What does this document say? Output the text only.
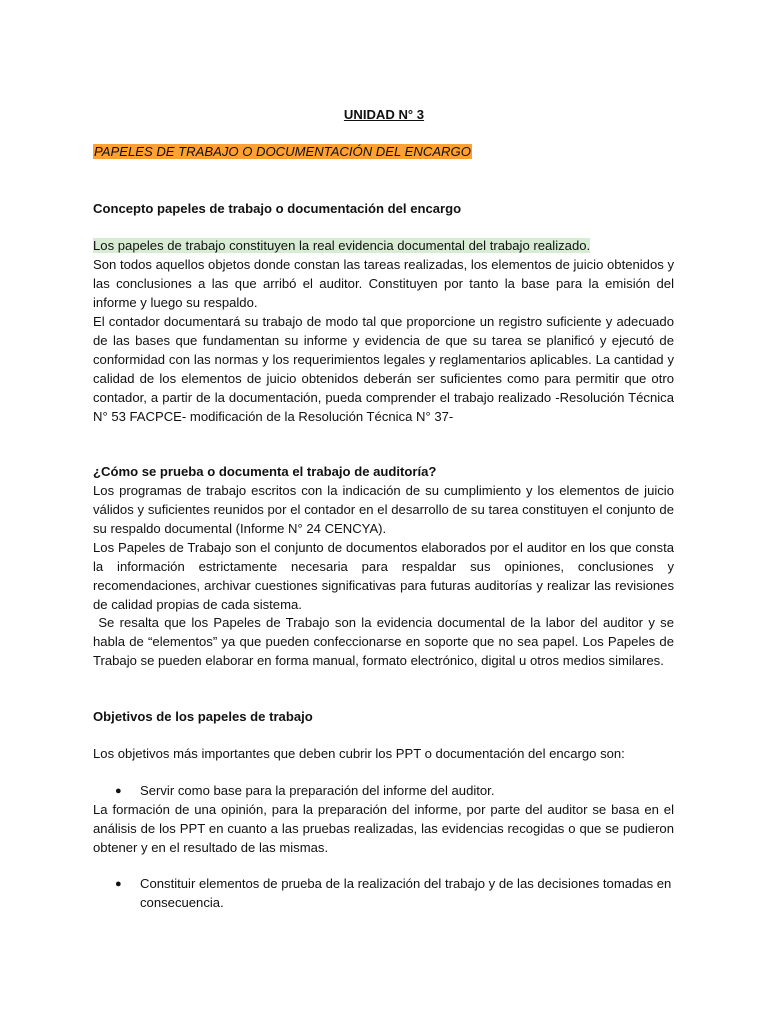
UNIDAD N° 3

PAPELES DE TRABAJO O DOCUMENTACIÓN DEL ENCARGO

Concepto papeles de trabajo o documentación del encargo

Los papeles de trabajo constituyen la real evidencia documental del trabajo realizado.

Son todos aquellos objetos donde constan las tareas realizadas, los elementos de juicio obtenidos y las conclusiones a las que arribó el auditor. Constituyen por tanto la base para la emisión del informe y luego su respaldo.

El contador documentará su trabajo de modo tal que proporcione un registro suficiente y adecuado de las bases que fundamentan su informe y evidencia de que su tarea se planificó y ejecutó de conformidad con las normas y los requerimientos legales y reglamentarios aplicables. La cantidad y calidad de los elementos de juicio obtenidos deberán ser suficientes como para permitir que otro contador, a partir de la documentación, pueda comprender el trabajo realizado -Resolución Técnica N° 53 FACPCE- modificación de la Resolución Técnica N° 37-

¿Cómo se prueba o documenta el trabajo de auditoría?

Los programas de trabajo escritos con la indicación de su cumplimiento y los elementos de juicio válidos y suficientes reunidos por el contador en el desarrollo de su tarea constituyen el conjunto de su respaldo documental (Informe N° 24 CENCYA).

Los Papeles de Trabajo son el conjunto de documentos elaborados por el auditor en los que consta la información estrictamente necesaria para respaldar sus opiniones, conclusiones y recomendaciones, archivar cuestiones significativas para futuras auditorías y realizar las revisiones de calidad propias de cada sistema.

Se resalta que los Papeles de Trabajo son la evidencia documental de la labor del auditor y se habla de “elementos” ya que pueden confeccionarse en soporte que no sea papel. Los Papeles de Trabajo se pueden elaborar en forma manual, formato electrónico, digital u otros medios similares.

Objetivos de los papeles de trabajo

Los objetivos más importantes que deben cubrir los PPT o documentación del encargo son:

●	Servir como base para la preparación del informe del auditor.

La formación de una opinión, para la preparación del informe, por parte del auditor se basa en el análisis de los PPT en cuanto a las pruebas realizadas, las evidencias recogidas o que se pudieron obtener y en el resultado de las mismas.

●	Constituir elementos de prueba de la realización del trabajo y de las decisiones tomadas en consecuencia.
